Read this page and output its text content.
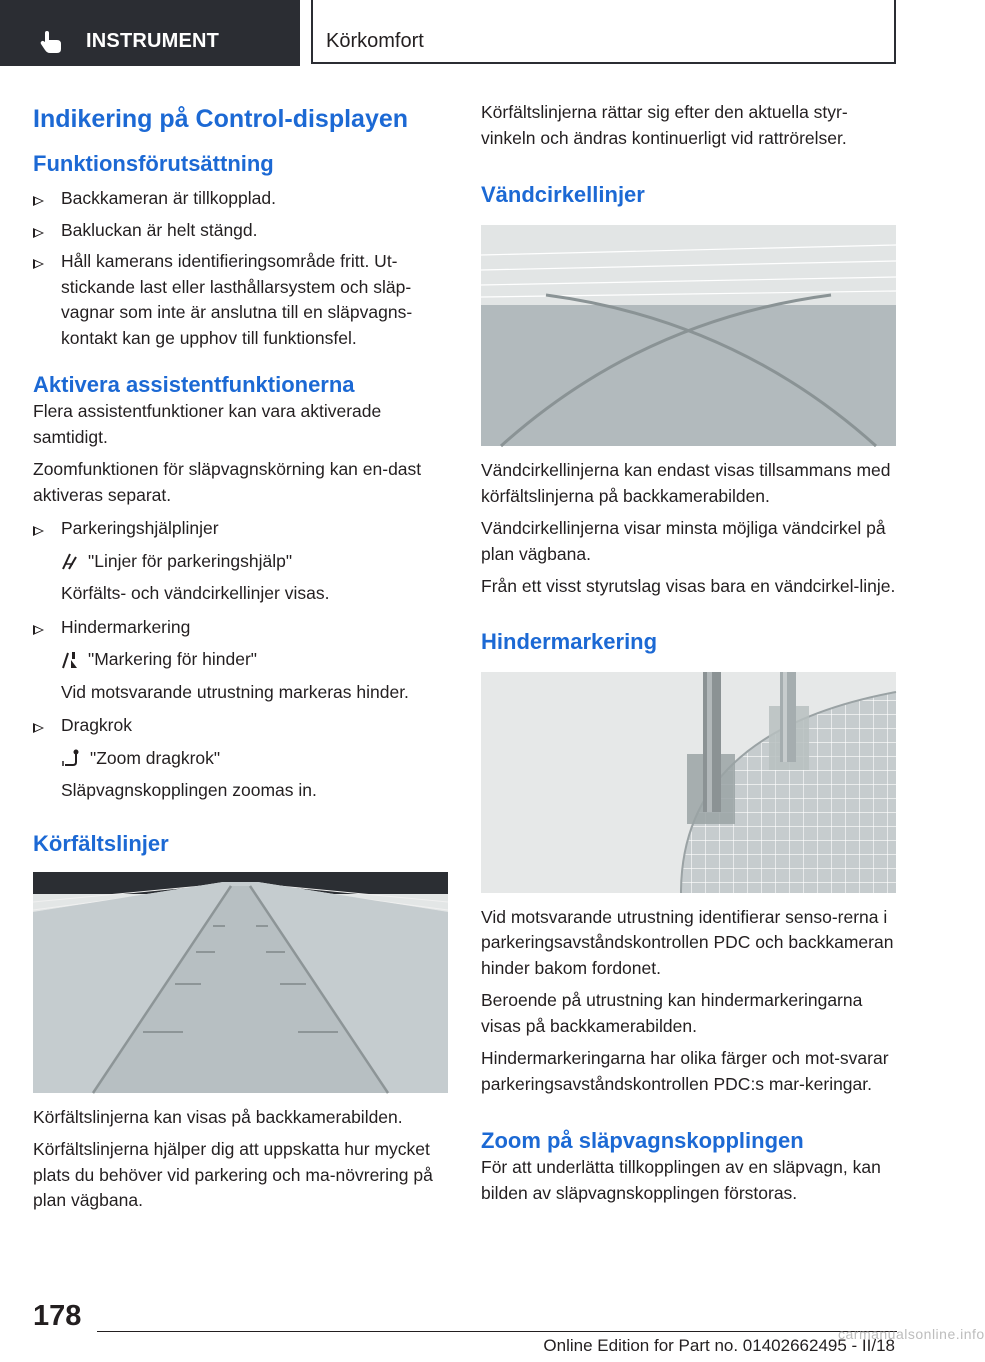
INSTRUMENT	Körkomfort
Indikering på Control-displayen
Funktionsförutsättning
Backkameran är tillkopplad.
Bakluckan är helt stängd.
Håll kamerans identifieringsområde fritt. Ut-stickande last eller lasthållarsystem och släp-vagnar som inte är anslutna till en släpvagns-kontakt kan ge upphov till funktionsfel.
Aktivera assistentfunktionerna
Flera assistentfunktioner kan vara aktiverade samtidigt.
Zoomfunktionen för släpvagnskörning kan en-dast aktiveras separat.
Parkeringshjälplinjer
"Linjer för parkeringshjälp"
Körfälts- och vändcirkellinjer visas.
Hindermarkering
"Markering för hinder"
Vid motsvarande utrustning markeras hinder.
Dragkrok
"Zoom dragkrok"
Släpvagnskopplingen zoomas in.
Körfältslinjer
Körfältslinjerna kan visas på backkamerabilden.
Körfältslinjerna hjälper dig att uppskatta hur mycket plats du behöver vid parkering och ma-növrering på plan vägbana.
Körfältslinjerna rättar sig efter den aktuella styr-vinkeln och ändras kontinuerligt vid rattrörelser.
Vändcirkellinjer
Vändcirkellinjerna kan endast visas tillsammans med körfältslinjerna på backkamerabilden.
Vändcirkellinjerna visar minsta möjliga vändcirkel på plan vägbana.
Från ett visst styrutslag visas bara en vändcirkel-linje.
Hindermarkering
Vid motsvarande utrustning identifierar senso-rerna i parkeringsavståndskontrollen PDC och backkameran hinder bakom fordonet.
Beroende på utrustning kan hindermarkeringarna visas på backkamerabilden.
Hindermarkeringarna har olika färger och mot-svarar parkeringsavståndskontrollen PDC:s mar-keringar.
Zoom på släpvagnskopplingen
För att underlätta tillkopplingen av en släpvagn, kan bilden av släpvagnskopplingen förstoras.
178
carmanualsonline.info
Online Edition for Part no. 01402662495 - II/18
